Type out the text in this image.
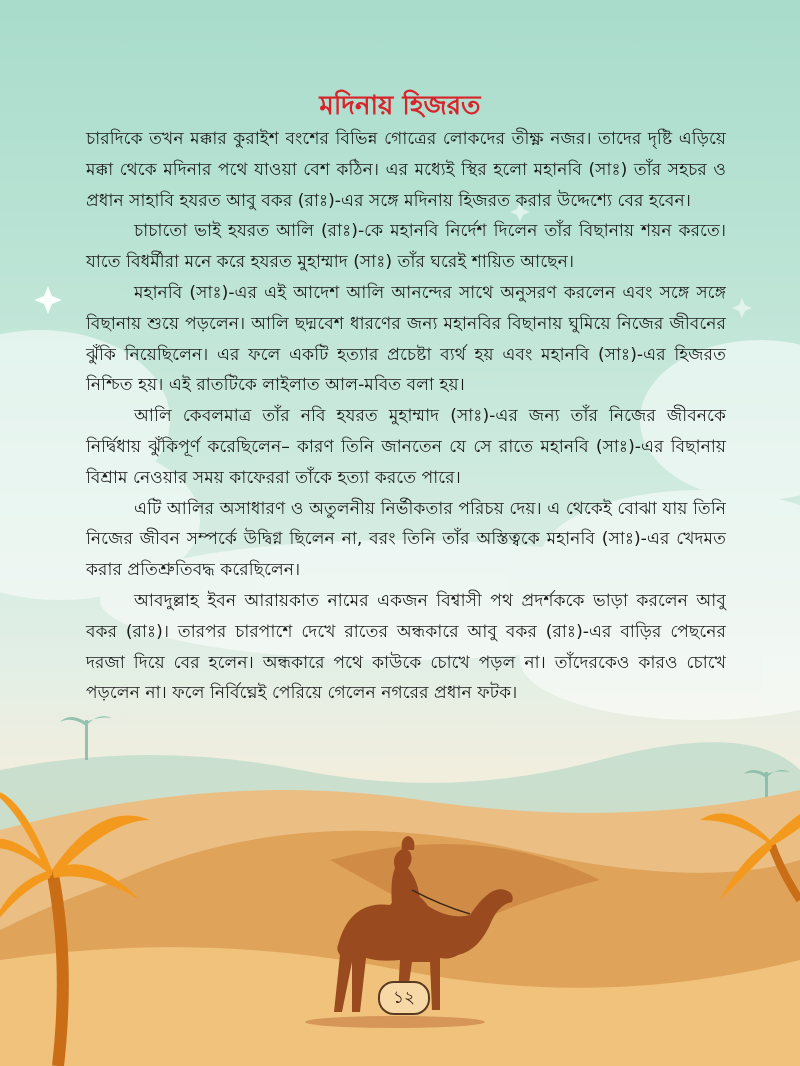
মদিনায় হিজরত

চারদিকে তখন মক্কার কুরাইশ বংশের বিভিন্ন গোত্রের লোকদের তীক্ষ্ণ নজর। তাদের দৃষ্টি এড়িয়ে মক্কা থেকে মদিনার পথে যাওয়া বেশ কঠিন। এর মধ্যেই স্থির হলো মহানবি (সাঃ) তাঁর সহচর ও প্রধান সাহাবি হযরত আবু বকর (রাঃ)-এর সঙ্গে মদিনায় হিজরত করার উদ্দেশ্যে বের হবেন।

চাচাতো ভাই হযরত আলি (রাঃ)-কে মহানবি নির্দেশ দিলেন তাঁর বিছানায় শয়ন করতে। যাতে বিধর্মীরা মনে করে হযরত মুহাম্মাদ (সাঃ) তাঁর ঘরেই শায়িত আছেন।

মহানবি (সাঃ)-এর এই আদেশ আলি আনন্দের সাথে অনুসরণ করলেন এবং সঙ্গে সঙ্গে বিছানায় শুয়ে পড়লেন। আলি ছদ্মবেশ ধারণের জন্য মহানবির বিছানায় ঘুমিয়ে নিজের জীবনের ঝুঁকি নিয়েছিলেন। এর ফলে একটি হত্যার প্রচেষ্টা ব্যর্থ হয় এবং মহানবি (সাঃ)-এর হিজরত নিশ্চিত হয়। এই রাতটিকে লাইলাত আল-মবিত বলা হয়।

আলি কেবলমাত্র তাঁর নবি হযরত মুহাম্মাদ (সাঃ)-এর জন্য তাঁর নিজের জীবনকে নির্দ্বিধায় ঝুঁকিপূর্ণ করেছিলেন– কারণ তিনি জানতেন যে সে রাতে মহানবি (সাঃ)-এর বিছানায় বিশ্রাম নেওয়ার সময় কাফেররা তাঁকে হত্যা করতে পারে।

এটি আলির অসাধারণ ও অতুলনীয় নির্ভীকতার পরিচয় দেয়। এ থেকেই বোঝা যায় তিনি নিজের জীবন সম্পর্কে উদ্বিগ্ন ছিলেন না, বরং তিনি তাঁর অস্তিত্বকে মহানবি (সাঃ)-এর খেদমত করার প্রতিশ্রুতিবদ্ধ করেছিলেন।

আবদুল্লাহ ইবন আরায়কাত নামের একজন বিশ্বাসী পথ প্রদর্শককে ভাড়া করলেন আবু বকর (রাঃ)। তারপর চারপাশে দেখে রাতের অন্ধকারে আবু বকর (রাঃ)-এর বাড়ির পেছনের দরজা দিয়ে বের হলেন। অন্ধকারে পথে কাউকে চোখে পড়ল না। তাঁদেরকেও কারও চোখে পড়লেন না। ফলে নির্বিঘ্নেই পেরিয়ে গেলেন নগরের প্রধান ফটক।

১২
